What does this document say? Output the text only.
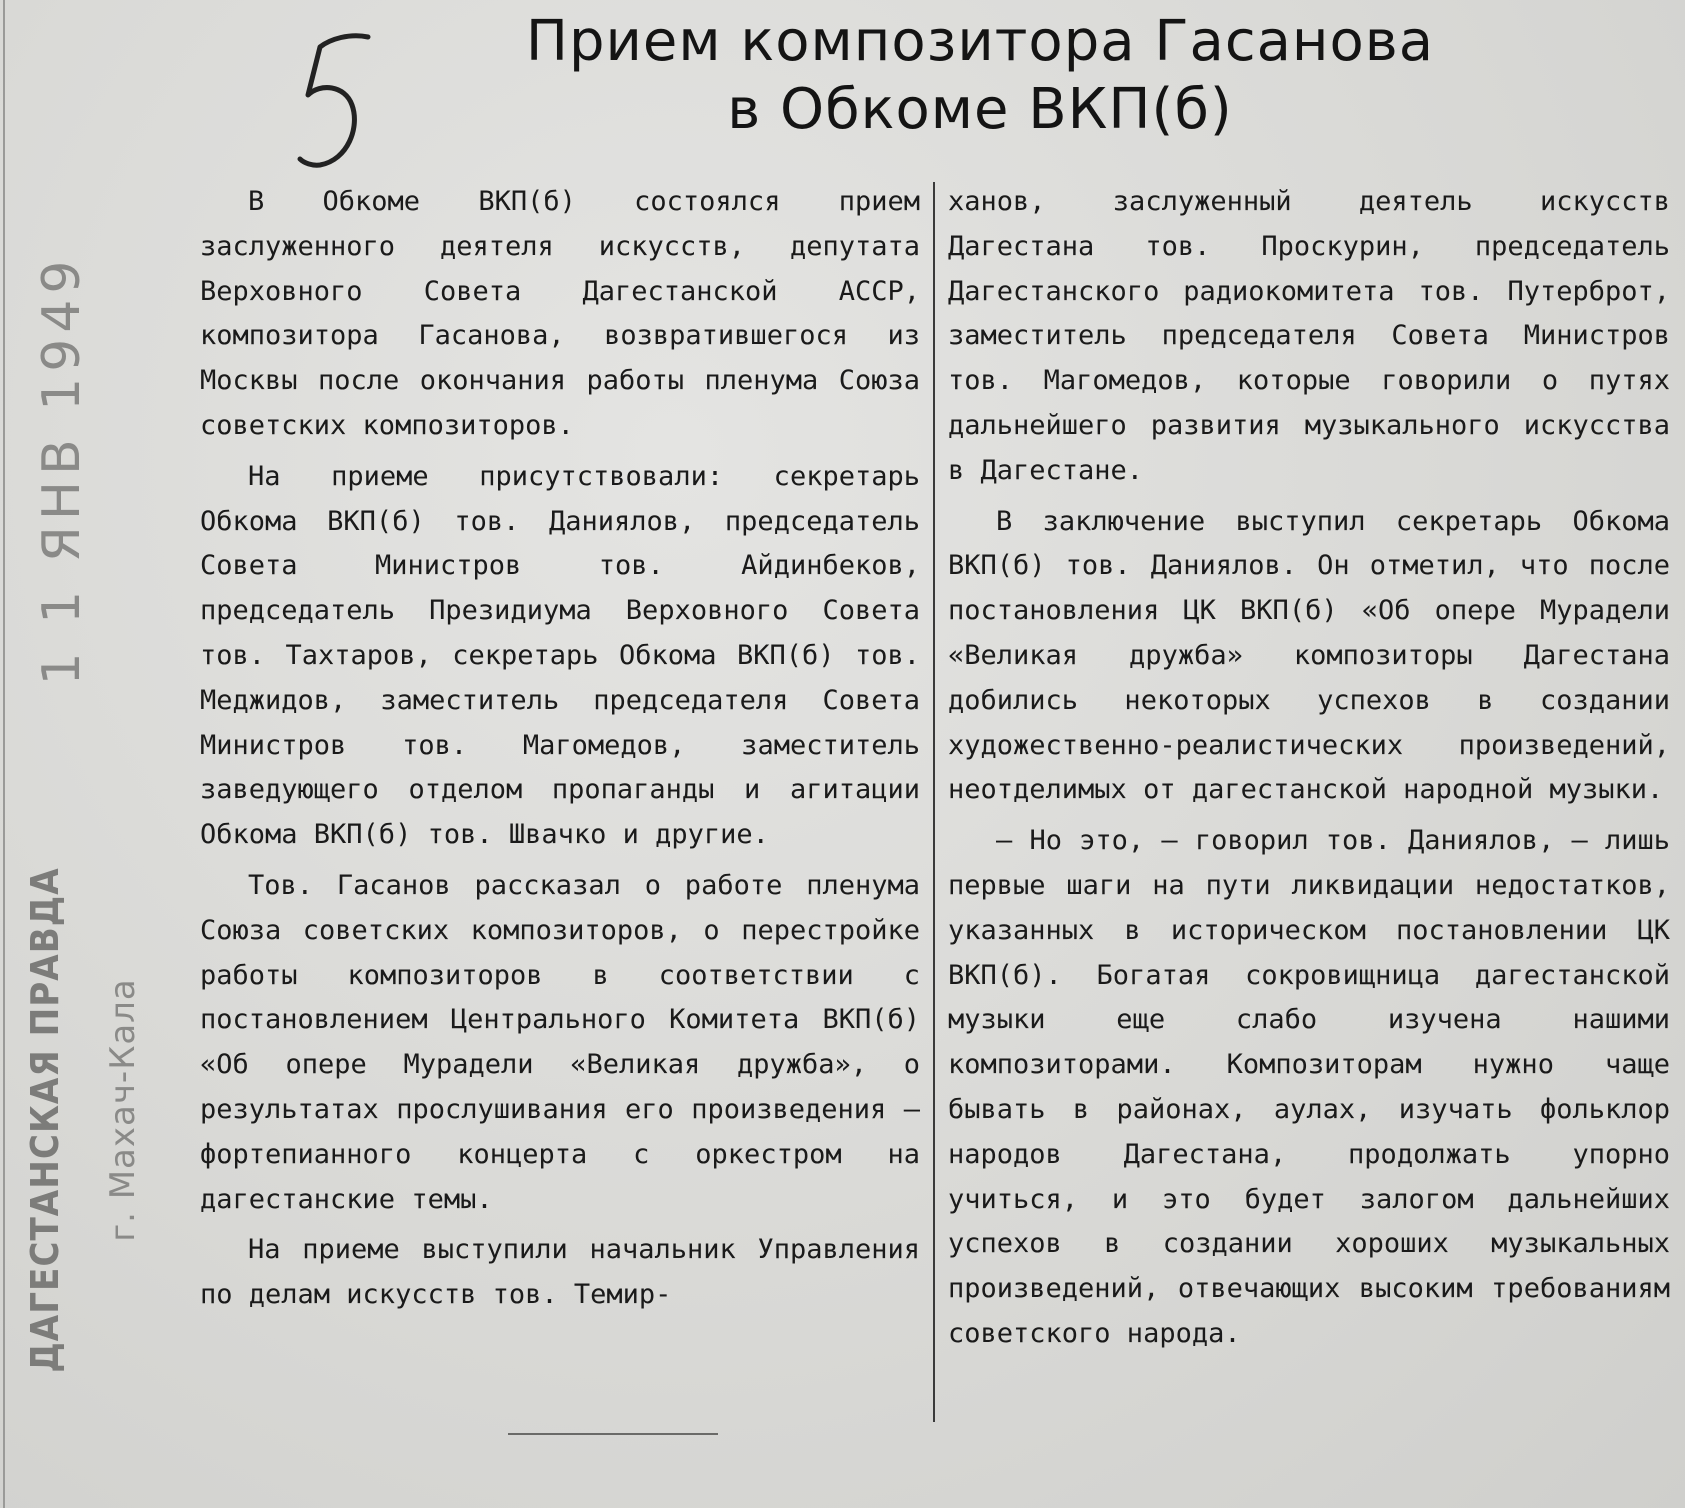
1 1 ЯНВ 1949
ДАГЕСТАНСКАЯ ПРАВДА г. Махач-Кала
Прием композитора Гасанова
в Обкоме ВКП(б)

В Обкоме ВКП(б) состоялся прием заслуженного деятеля искусств, депутата Верховного Совета Дагестанской АССР, композитора Гасанова, возвратившегося из Москвы после окончания работы пленума Союза советских композиторов.

На приеме присутствовали: секретарь Обкома ВКП(б) тов. Даниялов, председатель Совета Министров тов. Айдинбеков, председатель Президиума Верховного Совета тов. Тахтаров, секретарь Обкома ВКП(б) тов. Меджидов, заместитель председателя Совета Министров тов. Магомедов, заместитель заведующего отделом пропаганды и агитации Обкома ВКП(б) тов. Швачко и другие.

Тов. Гасанов рассказал о работе пленума Союза советских композиторов, о перестройке работы композиторов в соответствии с постановлением Центрального Комитета ВКП(б) «Об опере Мурадели «Великая дружба», о результатах прослушивания его произведения — фортепианного концерта с оркестром на дагестанские темы.

На приеме выступили начальник Управления по делам искусств тов. Темир-

ханов, заслуженный деятель искусств Дагестана тов. Проскурин, председатель Дагестанского радиокомитета тов. Путерброт, заместитель председателя Совета Министров тов. Магомедов, которые говорили о путях дальнейшего развития музыкального искусства в Дагестане.

В заключение выступил секретарь Обкома ВКП(б) тов. Даниялов. Он отметил, что после постановления ЦК ВКП(б) «Об опере Мурадели «Великая дружба» композиторы Дагестана добились некоторых успехов в создании художественно-реалистических произведений, неотделимых от дагестанской народной музыки.

— Но это, — говорил тов. Даниялов, — лишь первые шаги на пути ликвидации недостатков, указанных в историческом постановлении ЦК ВКП(б). Богатая сокровищница дагестанской музыки еще слабо изучена нашими композиторами. Композиторам нужно чаще бывать в районах, аулах, изучать фольклор народов Дагестана, продолжать упорно учиться, и это будет залогом дальнейших успехов в создании хороших музыкальных произведений, отвечающих высоким требованиям советского народа.
